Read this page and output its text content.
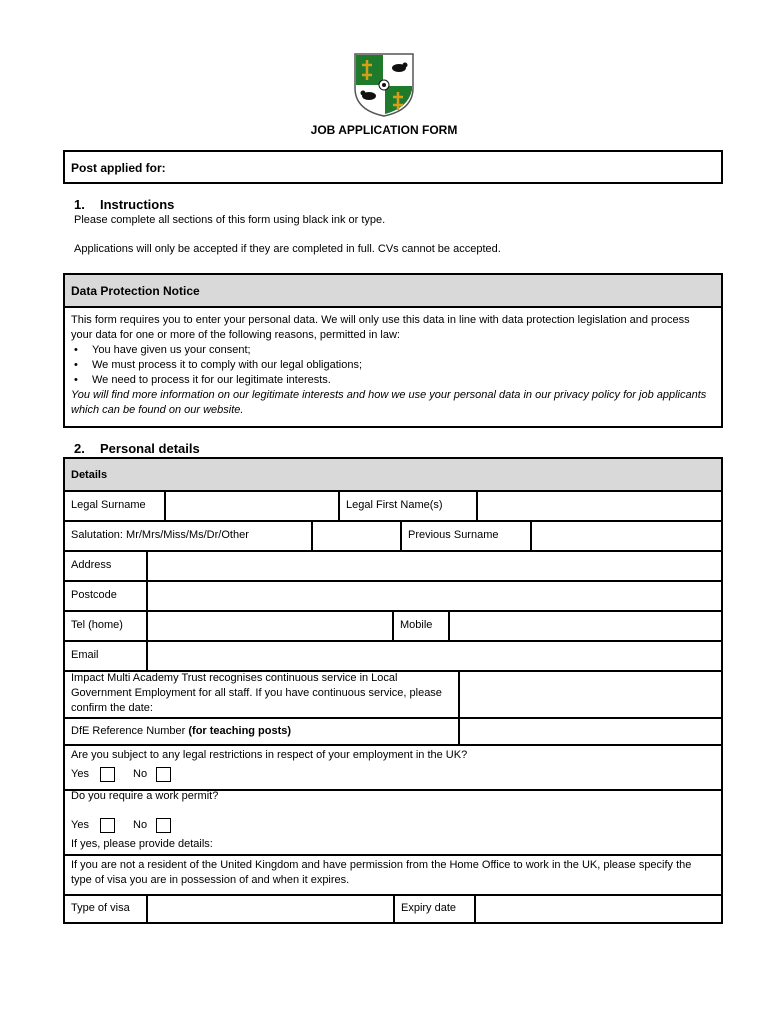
JOB APPLICATION FORM
Post applied for:
1. Instructions
Please complete all sections of this form using black ink or type.
Applications will only be accepted if they are completed in full. CVs cannot be accepted.
Data Protection Notice
This form requires you to enter your personal data. We will only use this data in line with data protection legislation and process your data for one or more of the following reasons, permitted in law:
• You have given us your consent;
• We must process it to comply with our legal obligations;
• We need to process it for our legitimate interests.
You will find more information on our legitimate interests and how we use your personal data in our privacy policy for job applicants which can be found on our website.
2. Personal details
Details
Legal Surname	Legal First Name(s)
Salutation: Mr/Mrs/Miss/Ms/Dr/Other	Previous Surname
Address
Postcode
Tel (home)	Mobile
Email
Impact Multi Academy Trust recognises continuous service in Local Government Employment for all staff. If you have continuous service, please confirm the date:
DfE Reference Number
(for teaching posts)
Are you subject to any legal restrictions in respect of your employment in the UK?
Yes	No
Do you require a work permit?
Yes	No
If yes, please provide details:
If you are not a resident of the United Kingdom and have permission from the Home Office to work in the UK, please specify the type of visa you are in possession of and when it expires.
Type of visa	Expiry date
